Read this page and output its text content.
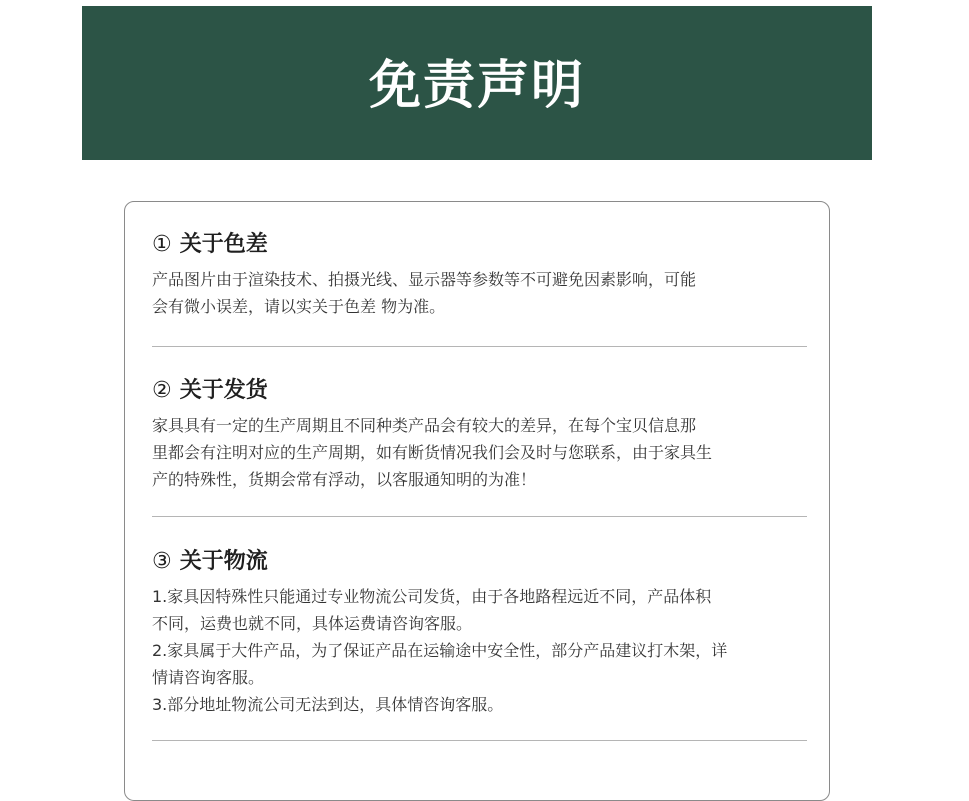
免责声明
① 关于色差

产品图片由于渲染技术、拍摄光线、显示器等参数等不可避免因素影响，可能

会有微小误差，请以实关于色差 物为准。

② 关于发货

家具具有一定的生产周期且不同种类产品会有较大的差异，在每个宝贝信息那

里都会有注明对应的生产周期，如有断货情况我们会及时与您联系，由于家具生

产的特殊性，货期会常有浮动，以客服通知明的为准！

③ 关于物流

1.家具因特殊性只能通过专业物流公司发货，由于各地路程远近不同，产品体积

不同，运费也就不同，具体运费请咨询客服。

2.家具属于大件产品，为了保证产品在运输途中安全性，部分产品建议打木架，详

情请咨询客服。

3.部分地址物流公司无法到达，具体情咨询客服。
